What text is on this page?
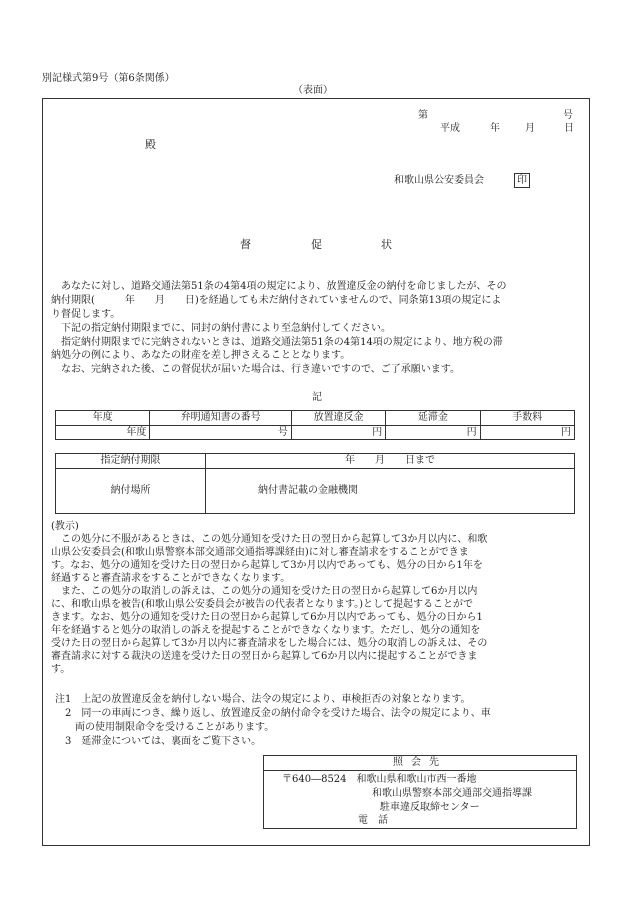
別記様式第9号（第6条関係）
（表面）
第	号
平成	年	月	日
殿
和歌山県公安委員会	印
督	促	状
あなたに対し、道路交通法第51条の4第4項の規定により、放置違反金の納付を命じましたが、その
納付期限(　　　年　　月　　日)を経過しても未だ納付されていませんので、同条第13項の規定によ
り督促します。
下記の指定納付期限までに、同封の納付書により至急納付してください。
指定納付期限までに完納されないときは、道路交通法第51条の4第14項の規定により、地方税の滞
納処分の例により、あなたの財産を差し押さえることとなります。
なお、完納された後、この督促状が届いた場合は、行き違いですので、ご了承願います。
記
年度	弁明通知書の番号	放置違反金	延滞金	手数料
年度	号	円	円	円
指定納付期限	年　　月　　日まで
納付場所	納付書記載の金融機関
(教示)
　この処分に不服があるときは、この処分通知を受けた日の翌日から起算して3か月以内に、和歌
山県公安委員会(和歌山県警察本部交通部交通指導課経由)に対し審査請求をすることができま
す。なお、処分の通知を受けた日の翌日から起算して3か月以内であっても、処分の日から1年を
経過すると審査請求をすることができなくなります。
　また、この処分の取消しの訴えは、この処分の通知を受けた日の翌日から起算して6か月以内
に、和歌山県を被告(和歌山県公安委員会が被告の代表者となります。)として提起することがで
きます。なお、処分の通知を受けた日の翌日から起算して6か月以内であっても、処分の日から1
年を経過すると処分の取消しの訴えを提起することができなくなります。ただし、処分の通知を
受けた日の翌日から起算して3か月以内に審査請求をした場合には、処分の取消しの訴えは、その
審査請求に対する裁決の送達を受けた日の翌日から起算して6か月以内に提起することができま
す。
注1　上記の放置違反金を納付しない場合、法令の規定により、車検拒否の対象となります。
　2　同一の車両につき、繰り返し、放置違反金の納付命令を受けた場合、法令の規定により、車
　　両の使用制限命令を受けることがあります。
　3　延滞金については、裏面をご覧下さい。
照会先
〒640―8524　和歌山県和歌山市西一番地
和歌山県警察本部交通部交通指導課
駐車違反取締センター
電　話
